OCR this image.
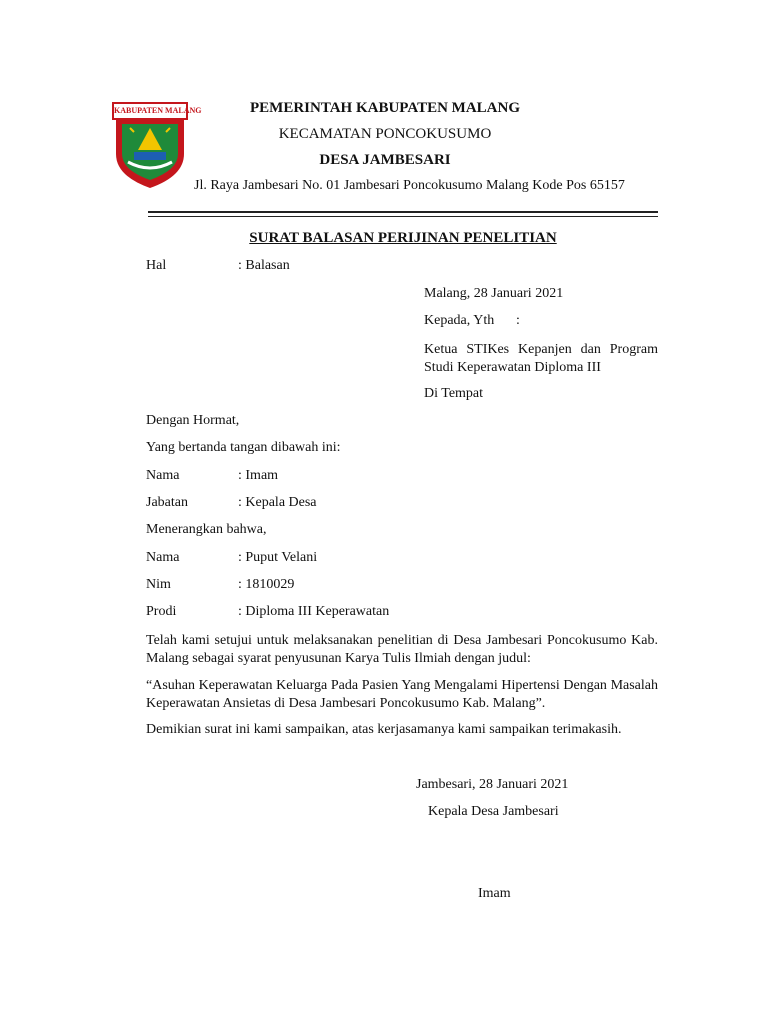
KABUPATEN MALANG	PEMERINTAH KABUPATEN MALANG
KECAMATAN PONCOKUSUMO
DESA JAMBESARI
Jl. Raya Jambesari No. 01 Jambesari Poncokusumo Malang Kode Pos 65157
SURAT BALASAN PERIJINAN PENELITIAN
Hal	: Balasan
Malang, 28 Januari 2021
Kepada, Yth :
Ketua STIKes Kepanjen dan Program Studi Keperawatan Diploma III
Di Tempat
Dengan Hormat,
Yang bertanda tangan dibawah ini:
Nama	: Imam
Jabatan	: Kepala Desa
Menerangkan bahwa,
Nama	: Puput Velani
Nim	: 1810029
Prodi	: Diploma III Keperawatan
Telah kami setujui untuk melaksanakan penelitian di Desa Jambesari Poncokusumo Kab. Malang sebagai syarat penyusunan Karya Tulis Ilmiah dengan judul:
“Asuhan Keperawatan Keluarga Pada Pasien Yang Mengalami Hipertensi Dengan Masalah Keperawatan Ansietas di Desa Jambesari Poncokusumo Kab. Malang”.
Demikian surat ini kami sampaikan, atas kerjasamanya kami sampaikan terimakasih.
Jambesari, 28 Januari 2021
Kepala Desa Jambesari
Imam
